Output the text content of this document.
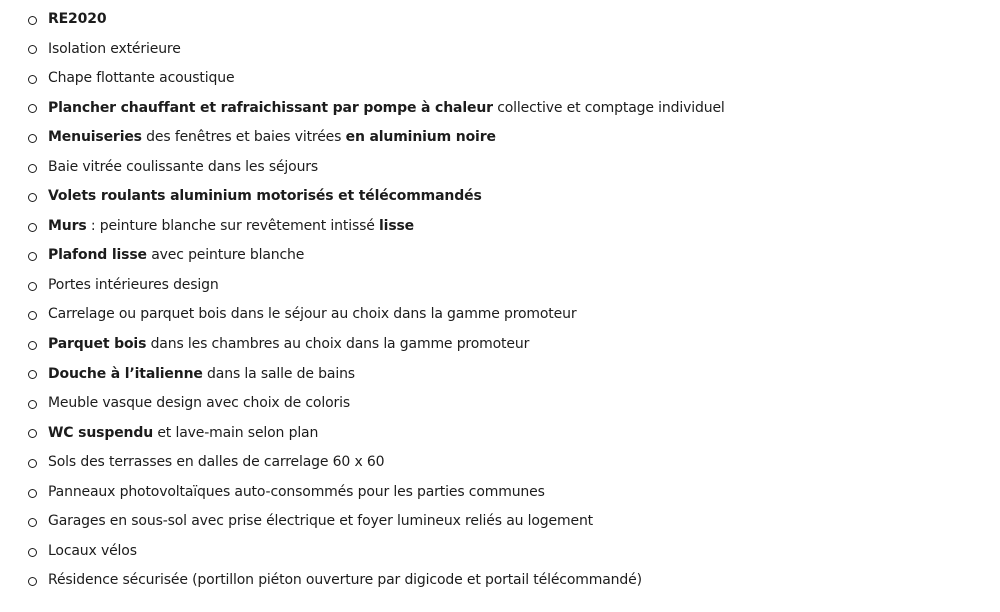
RE2020
Isolation extérieure
Chape flottante acoustique
Plancher chauffant et rafraichissant par pompe à chaleur collective et comptage individuel
Menuiseries des fenêtres et baies vitrées en aluminium noire
Baie vitrée coulissante dans les séjours
Volets roulants aluminium motorisés et télécommandés
Murs : peinture blanche sur revêtement intissé lisse
Plafond lisse avec peinture blanche
Portes intérieures design
Carrelage ou parquet bois dans le séjour au choix dans la gamme promoteur
Parquet bois dans les chambres au choix dans la gamme promoteur
Douche à l’italienne dans la salle de bains
Meuble vasque design avec choix de coloris
WC suspendu et lave-main selon plan
Sols des terrasses en dalles de carrelage 60 x 60
Panneaux photovoltaïques auto-consommés pour les parties communes
Garages en sous-sol avec prise électrique et foyer lumineux reliés au logement
Locaux vélos
Résidence sécurisée (portillon piéton ouverture par digicode et portail télécommandé)
